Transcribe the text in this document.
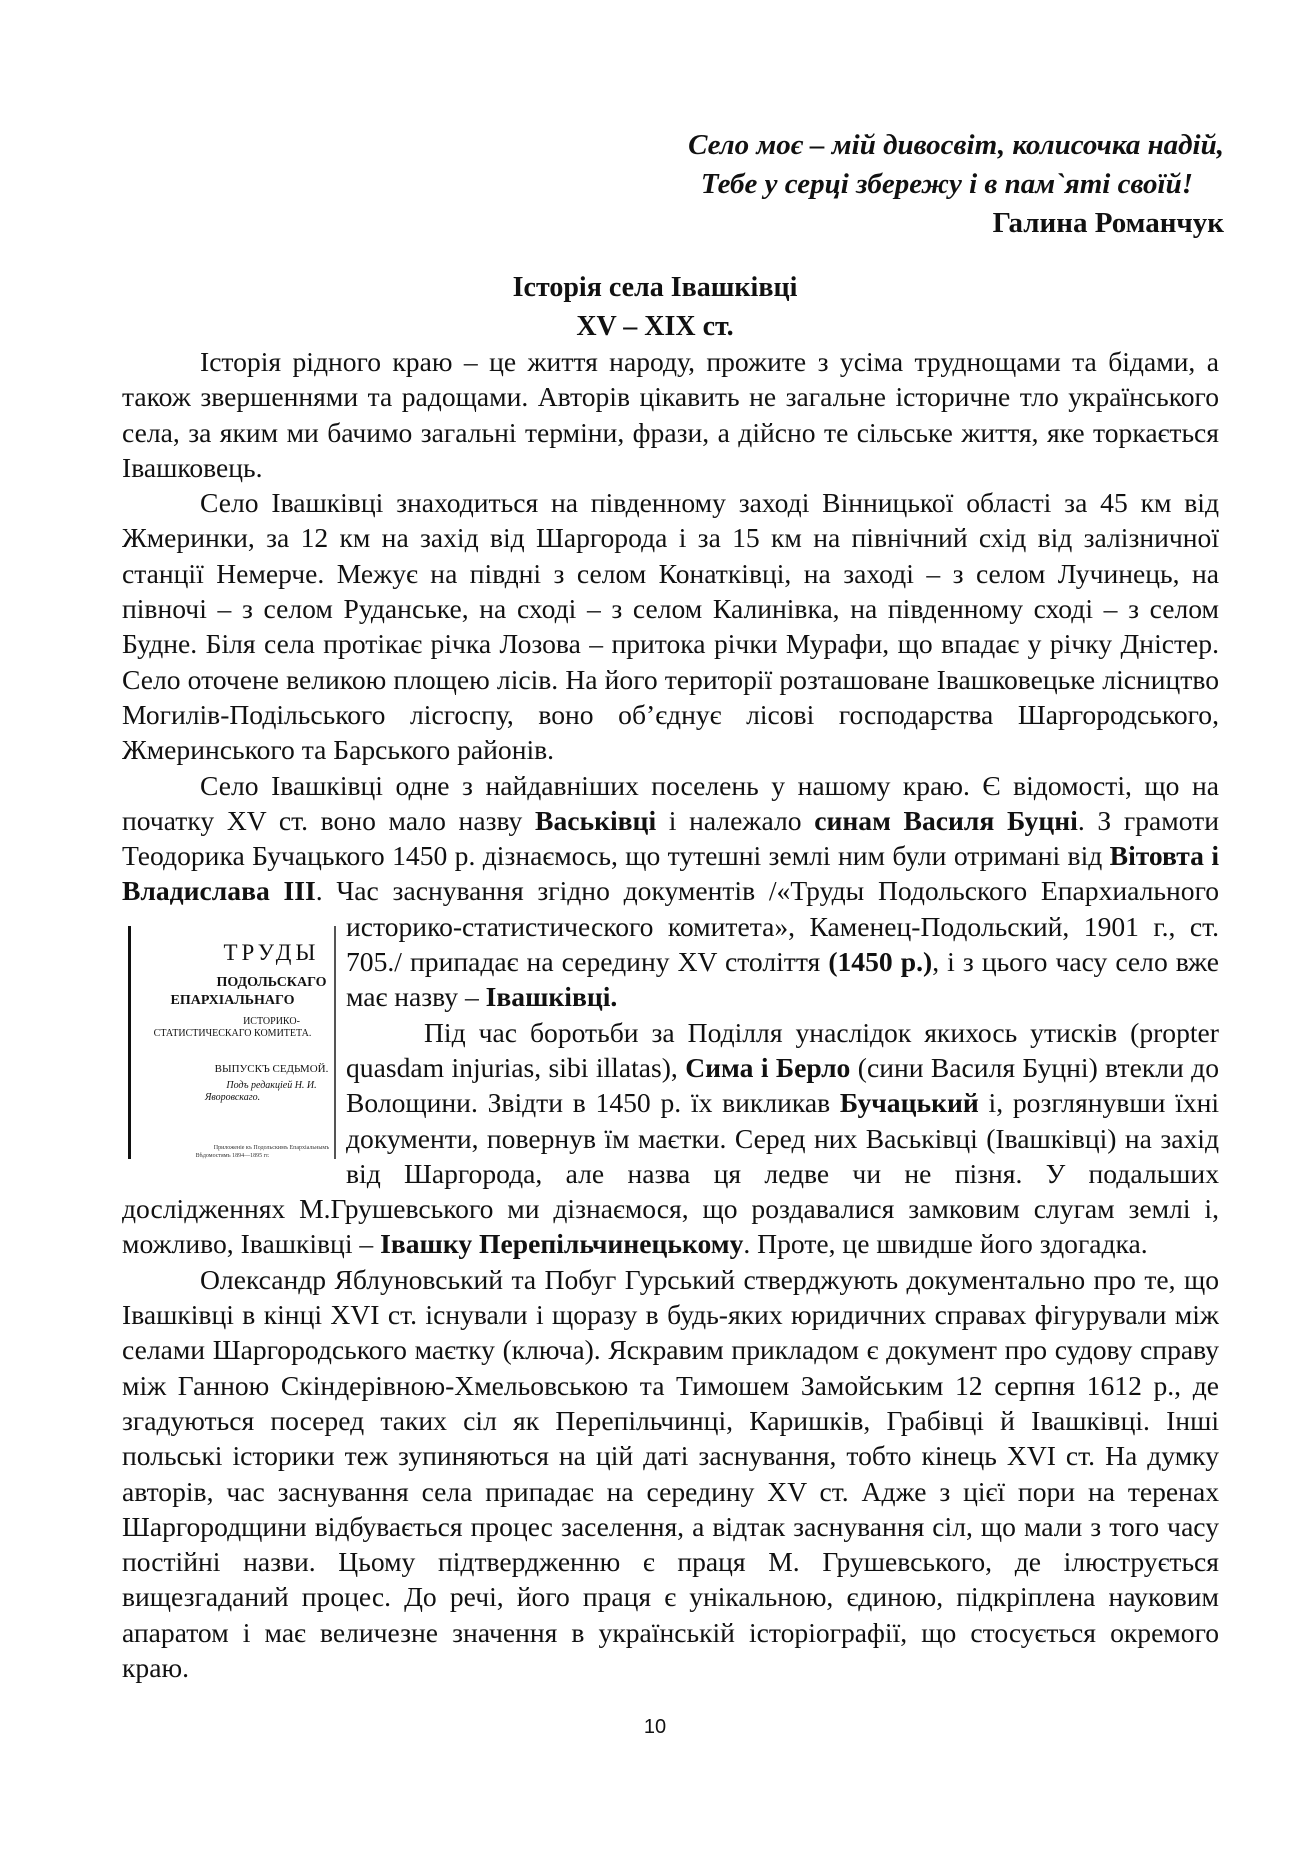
Село моє – мій дивосвіт, колисочка надій,
Тебе у серці збережу і в пам`яті своїй!
Галина Романчук
Історія села Івашківці
XV – XIX ст.

Історія рідного краю – це життя народу, прожите з усіма труднощами та бідами, а також звершеннями та радощами. Авторів цікавить не загальне історичне тло українського села, за яким ми бачимо загальні терміни, фрази, а дійсно те сільське життя, яке торкається Івашковець.

Село Івашківці знаходиться на південному заході Вінницької області за 45 км від Жмеринки, за 12 км на захід від Шаргорода і за 15 км на північний схід від залізничної станції Немерче. Межує на півдні з селом Конатківці, на заході – з селом Лучинець, на півночі – з селом Руданське, на сході – з селом Калинівка, на південному сході – з селом Будне. Біля села протікає річка Лозова – притока річки Мурафи, що впадає у річку Дністер. Село оточене великою площею лісів. На його території розташоване Івашковецьке лісництво Могилів-Подільського лісгоспу, воно об’єднує лісові господарства Шаргородського, Жмеринського та Барського районів.

Село Івашківці одне з найдавніших поселень у нашому краю. Є відомості, що на початку XV ст. воно мало назву Васьківці і належало синам Василя Буцні. З грамоти Теодорика Бучацького 1450 р. дізнаємось, що тутешні землі ним були отримані від Вітовта і Владислава ІІІ. Час заснування згідно документів /«Труды Подольского Епархиального историко-статистического комитета», Каменец-
ТРУДЫ
ПОДОЛЬСКАГО ЕПАРХІАЛЬНАГО
ИСТОРИКО-СТАТИСТИЧЕСКАГО КОМИТЕТА.
ВЫПУСКЪ СЕДЬМОЙ.
Подъ редакціей Н. И. Яворовскаго.
Приложеніе къ Подольскимъ Епархіальнымъ Вѣдомостямъ 1894—1895 гг.
Подольский, 1901 г., ст. 705./ припадає на середину XV століття (1450 р.), і з цього часу село вже має назву – Івашківці.

Під час боротьби за Поділля унаслідок якихось утисків (propter quasdam injurias, sibi illatas), Сима і Берло (сини Василя Буцні) втекли до Волощини. Звідти в 1450 р. їх викликав Бучацький і, розглянувши їхні документи, повернув їм маєтки. Серед них Васьківці (Івашківці) на захід від Шаргорода, але назва ця ледве чи не пізня. У подальших дослідженнях М.Грушевського ми дізнаємося, що роздавалися замковим слугам землі і, можливо, Івашківці – Івашку Перепільчинецькому. Проте, це швидше його здогадка.

Олександр Яблуновський та Побуг Гурський стверджують документально про те, що Івашківці в кінці XVI ст. існували і щоразу в будь-яких юридичних справах фігурували між селами Шаргородського маєтку (ключа). Яскравим прикладом є документ про судову справу між Ганною Скіндерівною-Хмельовською та Тимошем Замойським 12 серпня 1612 р., де згадуються посеред таких сіл як Перепільчинці, Каришків, Грабівці й Івашківці. Інші польські історики теж зупиняються на цій даті заснування, тобто кінець XVI ст. На думку авторів, час заснування села припадає на середину XV ст. Адже з цієї пори на теренах Шаргородщини відбувається процес заселення, а відтак заснування сіл, що мали з того часу постійні назви. Цьому підтвердженню є праця М. Грушевського, де ілюструється вищезгаданий процес. До речі, його праця є унікальною, єдиною, підкріплена науковим апаратом і має величезне значення в українській історіографії, що стосується окремого краю.

10
